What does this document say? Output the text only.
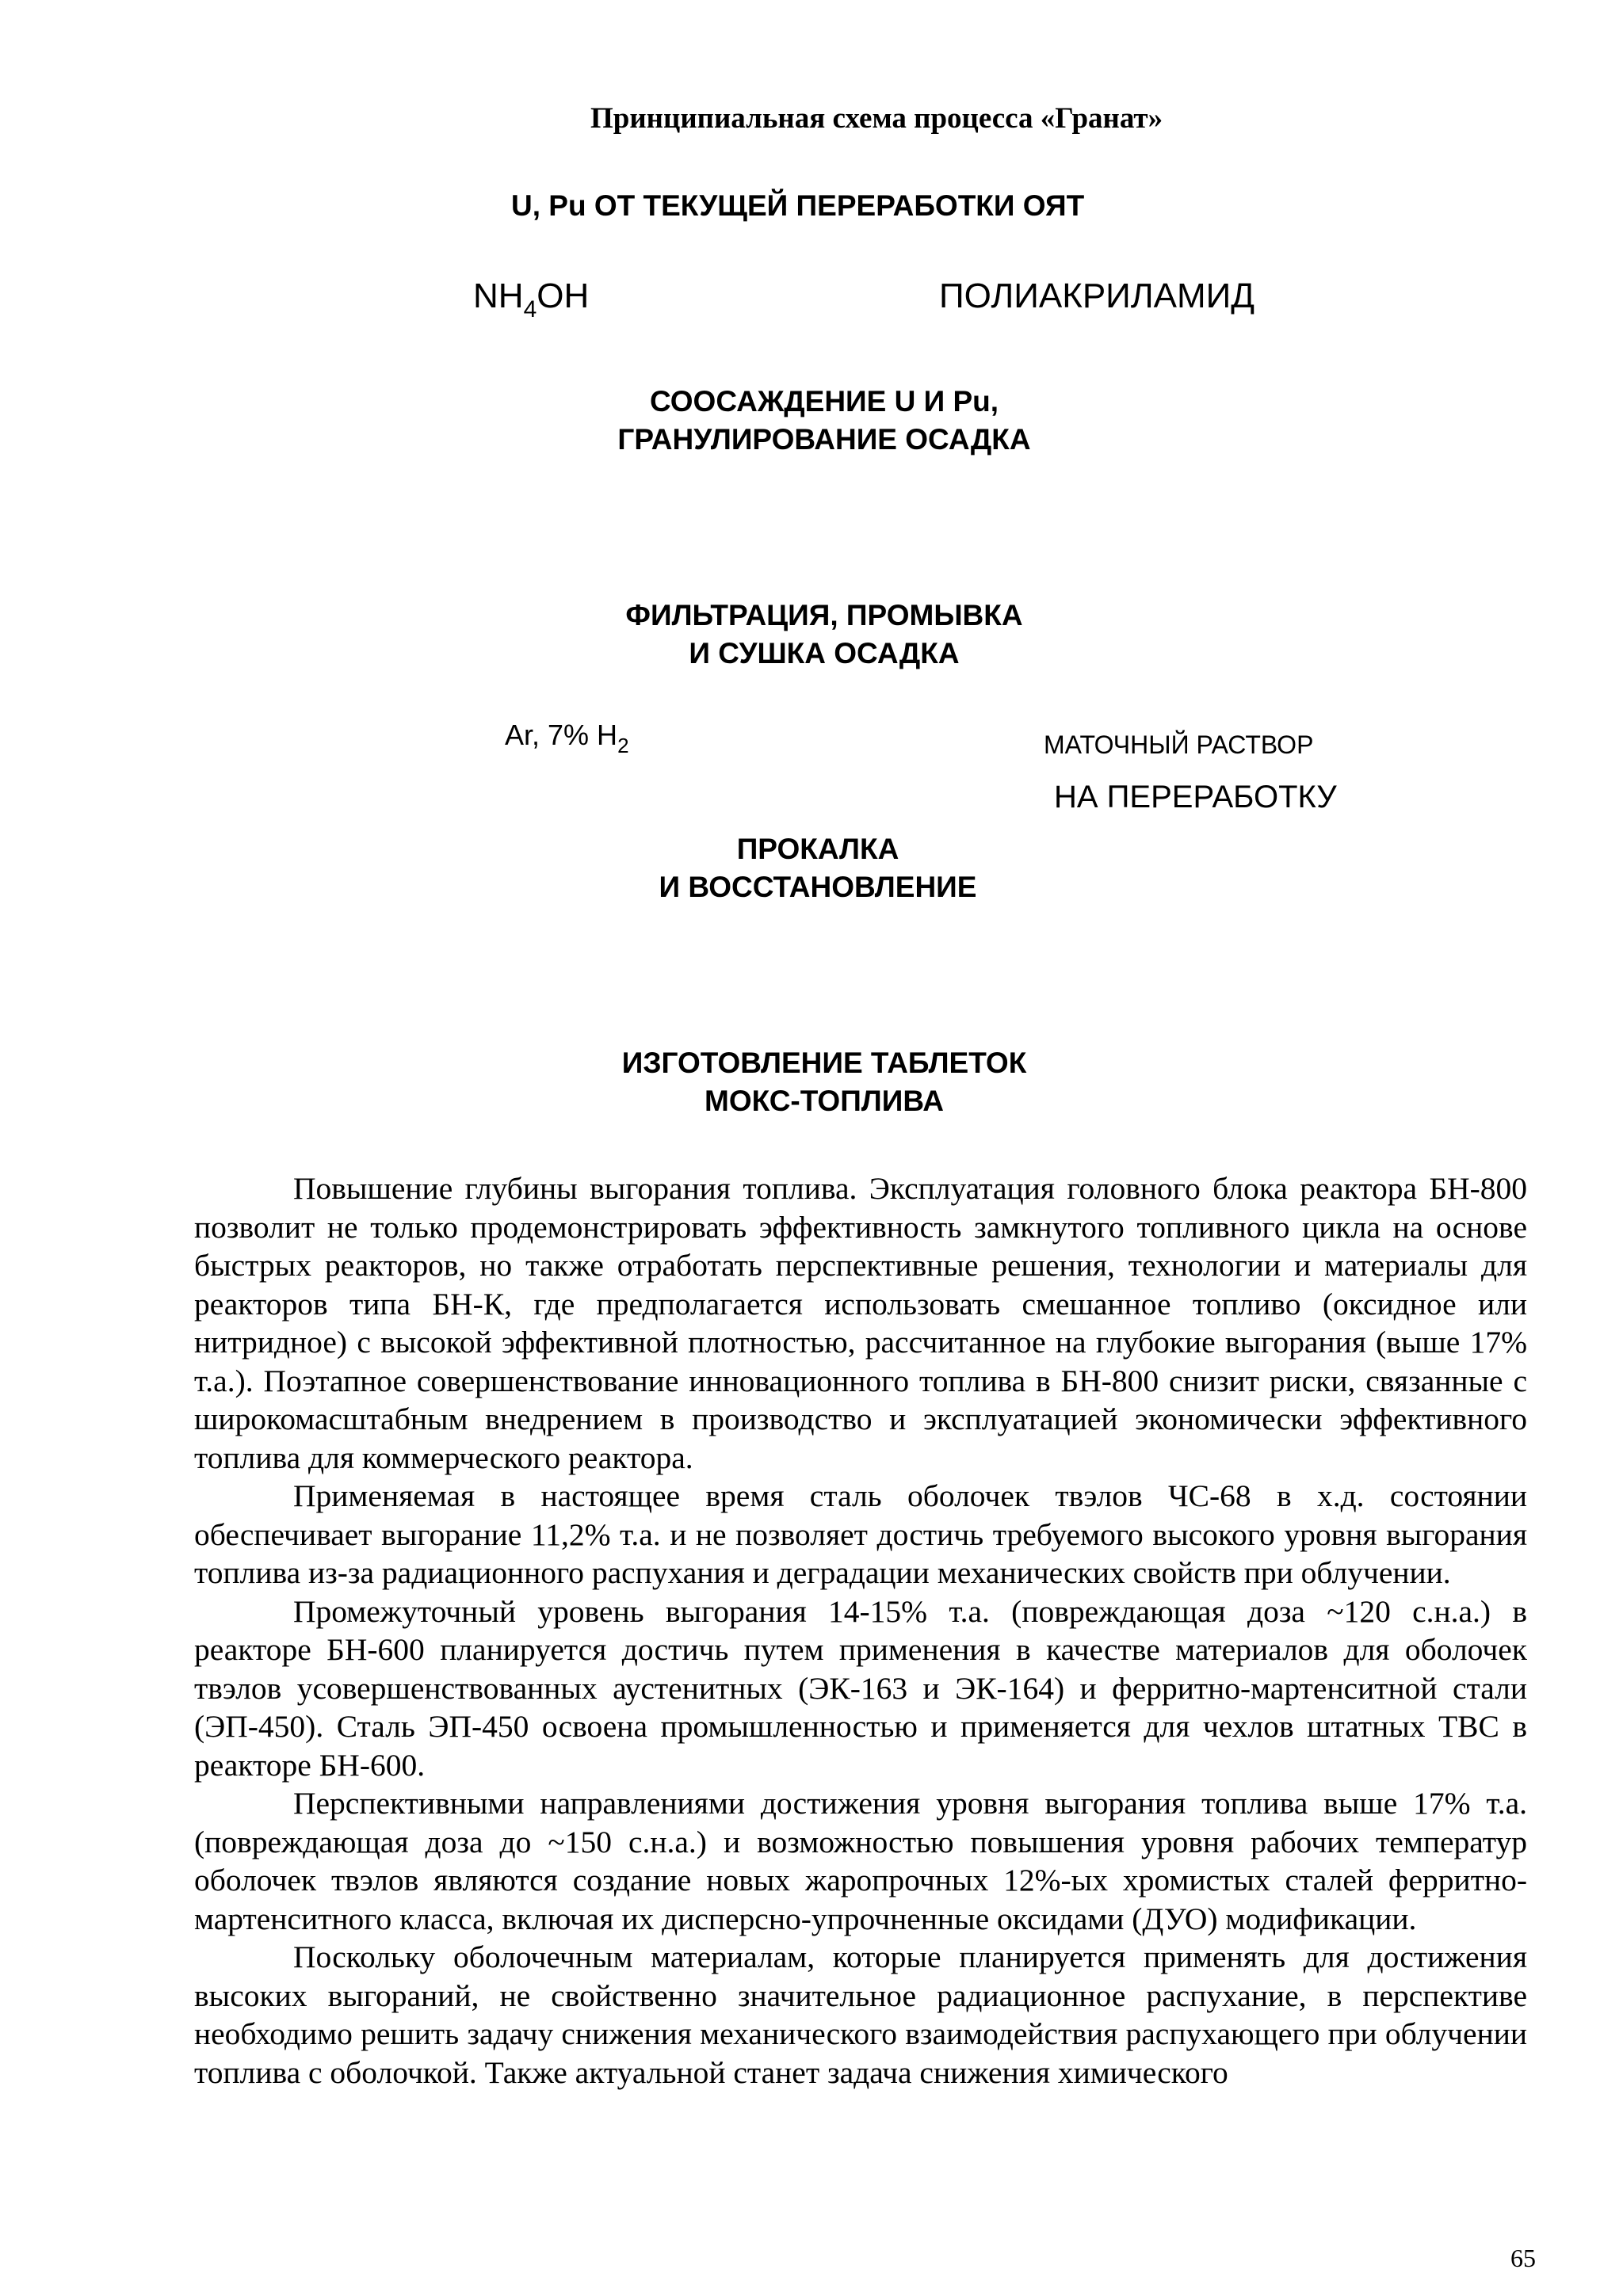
Принципиальная схема процесса «Гранат»
U, Pu ОТ ТЕКУЩЕЙ ПЕРЕРАБОТКИ ОЯТ
$NH_4OH$	ПОЛИАКРИЛАМИД
СООСАЖДЕНИЕ U И Pu,
ГРАНУЛИРОВАНИЕ ОСАДКА
ФИЛЬТРАЦИЯ, ПРОМЫВКА
И СУШКА ОСАДКА
Ar, 7% $H_2$	МАТОЧНЫЙ РАСТВОР
НА ПЕРЕРАБОТКУ
ПРОКАЛКА
И ВОССТАНОВЛЕНИЕ
ИЗГОТОВЛЕНИЕ ТАБЛЕТОК
МОКС-ТОПЛИВА

Повышение глубины выгорания топлива. Эксплуатация головного блока реактора БН-800 позволит не только продемонстрировать эффективность замкнутого топливного цикла на основе быстрых реакторов, но также отработать перспективные решения, технологии и материалы для реакторов типа БН-К, где предполагается использовать смешанное топливо (оксидное или нитридное) с высокой эффективной плотностью, рассчитанное на глубокие выгорания (выше 17% т.а.). Поэтапное совершенствование инновационного топлива в БН-800 снизит риски, связанные с широкомасштабным внедрением в производство и эксплуатацией экономически эффективного топлива для коммерческого реактора.

Применяемая в настоящее время сталь оболочек твэлов ЧС-68 в х.д. состоянии обеспечивает выгорание 11,2% т.а. и не позволяет достичь требуемого высокого уровня выгорания топлива из-за радиационного распухания и деградации механических свойств при облучении.

Промежуточный уровень выгорания 14-15% т.а. (повреждающая доза ~120 с.н.а.) в реакторе БН-600 планируется достичь путем применения в качестве материалов для оболочек твэлов усовершенствованных аустенитных (ЭК-163 и ЭК-164) и ферритно-мартенситной стали (ЭП-450). Сталь ЭП-450 освоена промышленностью и применяется для чехлов штатных ТВС в реакторе БН-600.

Перспективными направлениями достижения уровня выгорания топлива выше 17% т.а. (повреждающая доза до ~150 с.н.а.) и возможностью повышения уровня рабочих температур оболочек твэлов являются создание новых жаропрочных 12%-ых хромистых сталей ферритно-мартенситного класса, включая их дисперсно-упрочненные оксидами (ДУО) модификации.

Поскольку оболочечным материалам, которые планируется применять для достижения высоких выгораний, не свойственно значительное радиационное распухание, в перспективе необходимо решить задачу снижения механического взаимодействия распухающего при облучении топлива с оболочкой. Также актуальной станет задача снижения химического

65
